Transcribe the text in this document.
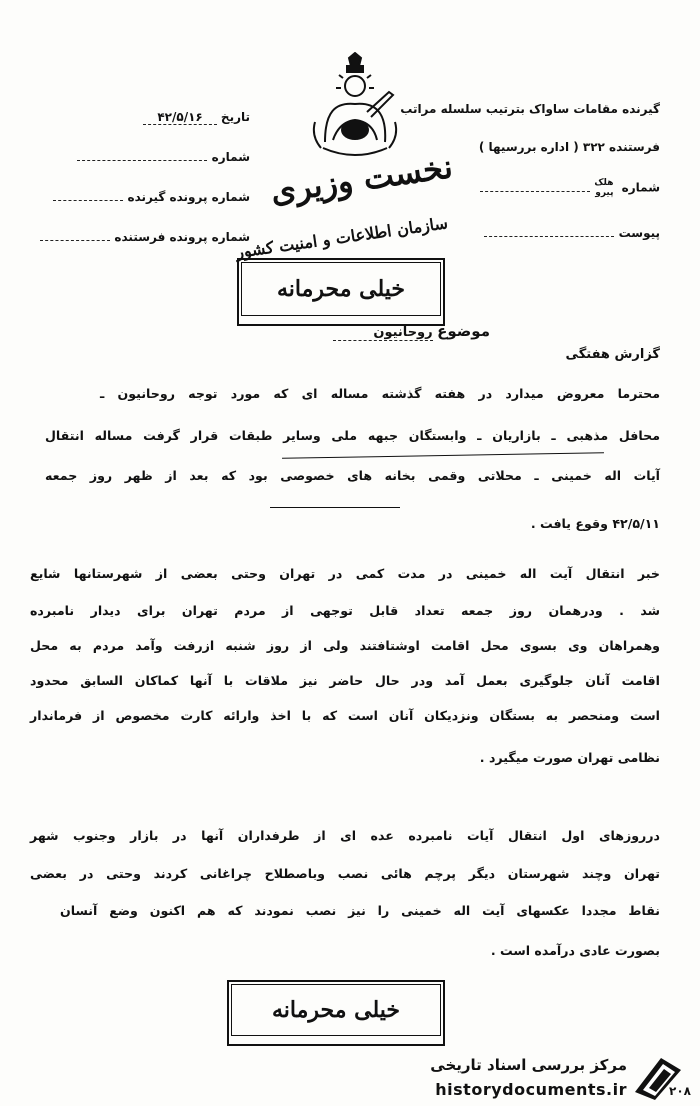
گیرنده مقامات ساواک بترتیب سلسله مراتب
فرستنده ۳۲۲ ( اداره بررسیها )
شماره هلک
پیرو
پیوست
تاریخ ۴۲/۵/۱۶
شماره
شماره پرونده گیرنده
شماره پرونده فرستنده
نخست وزیری
سازمان اطلاعات و امنیت کشور
خیلی محرمانه
موضوع روحانیون
گزارش هفتگی
محترما معروض میدارد در هفته گذشته مساله ای که مورد توجه روحانیون ـ
محافل مذهبی ـ بازاریان ـ وابستگان جبهه ملی وسایر طبقات قرار گرفت مساله انتقال
آیات اله خمینی ـ محلاتی وقمی بخانه های خصوصی بود که بعد از ظهر روز جمعه
۴۲/۵/۱۱ وقوع یافت .
خبر انتقال آیت اله خمینی در مدت کمی در تهران وحتی بعضی از شهرستانها شایع
شد . ودرهمان روز جمعه تعداد قابل توجهی از مردم تهران برای دیدار نامبرده
وهمراهان وی بسوی محل اقامت اوشتافتند ولی از روز شنبه ازرفت وآمد مردم به محل
اقامت آنان جلوگیری بعمل آمد ودر حال حاضر نیز ملاقات با آنها کماکان السابق محدود
است ومنحصر به بستگان ونزدیکان آنان است که با اخذ وارائه کارت مخصوص از فرماندار
نظامی تهران صورت میگیرد .
درروزهای اول انتقال آیات نامبرده عده ای از طرفداران آنها در بازار وجنوب شهر
تهران وچند شهرستان دیگر پرچم هائی نصب وباصطلاح چراغانی کردند وحتی در بعضی
نقاط مجددا عکسهای آیت اله خمینی را نیز نصب نمودند که هم اکنون وضع آنسان
بصورت عادی درآمده است .
خیلی محرمانه
مرکز بررسی اسناد تاریخی
historydocuments.ir	۲۰۸
